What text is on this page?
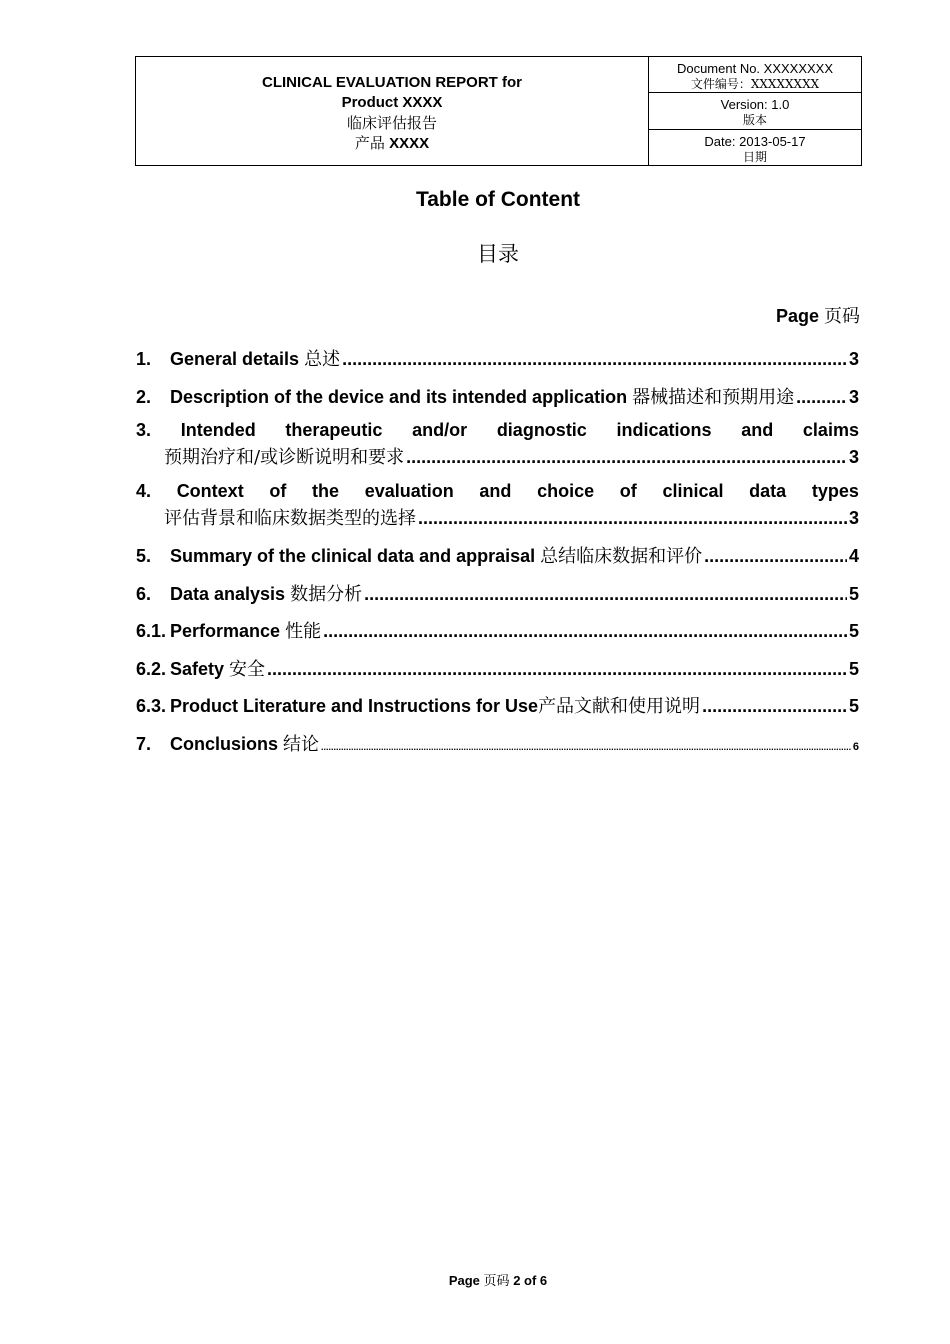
CLINICAL EVALUATION REPORT for
Product XXXX
临床评估报告
产品 XXXX
Document No. XXXXXXXX
文件编号：XXXXXXXX
Version: 1.0
版本
Date: 2013-05-17
日期
Table of Content
目录
Page 页码
1.	General details 总述 .....	3
2.	Description of the device and its intended application 器械描述和预期用途 .....	3
3. Intended therapeutic and/or diagnostic indications and claims
预期治疗和/或诊断说明和要求 .....	3
4. Context of the evaluation and choice of clinical data types
评估背景和临床数据类型的选择 .....	3
5.	Summary of the clinical data and appraisal 总结临床数据和评价 .....	4
6.	Data analysis 数据分析 .....	5
6.1. Performance 性能 .....	5
6.2. Safety 安全 .....	5
6.3. Product Literature and Instructions for Use产品文献和使用说明 .....	5
7.	Conclusions 结论 .....	6
Page 页码 2 of 6
